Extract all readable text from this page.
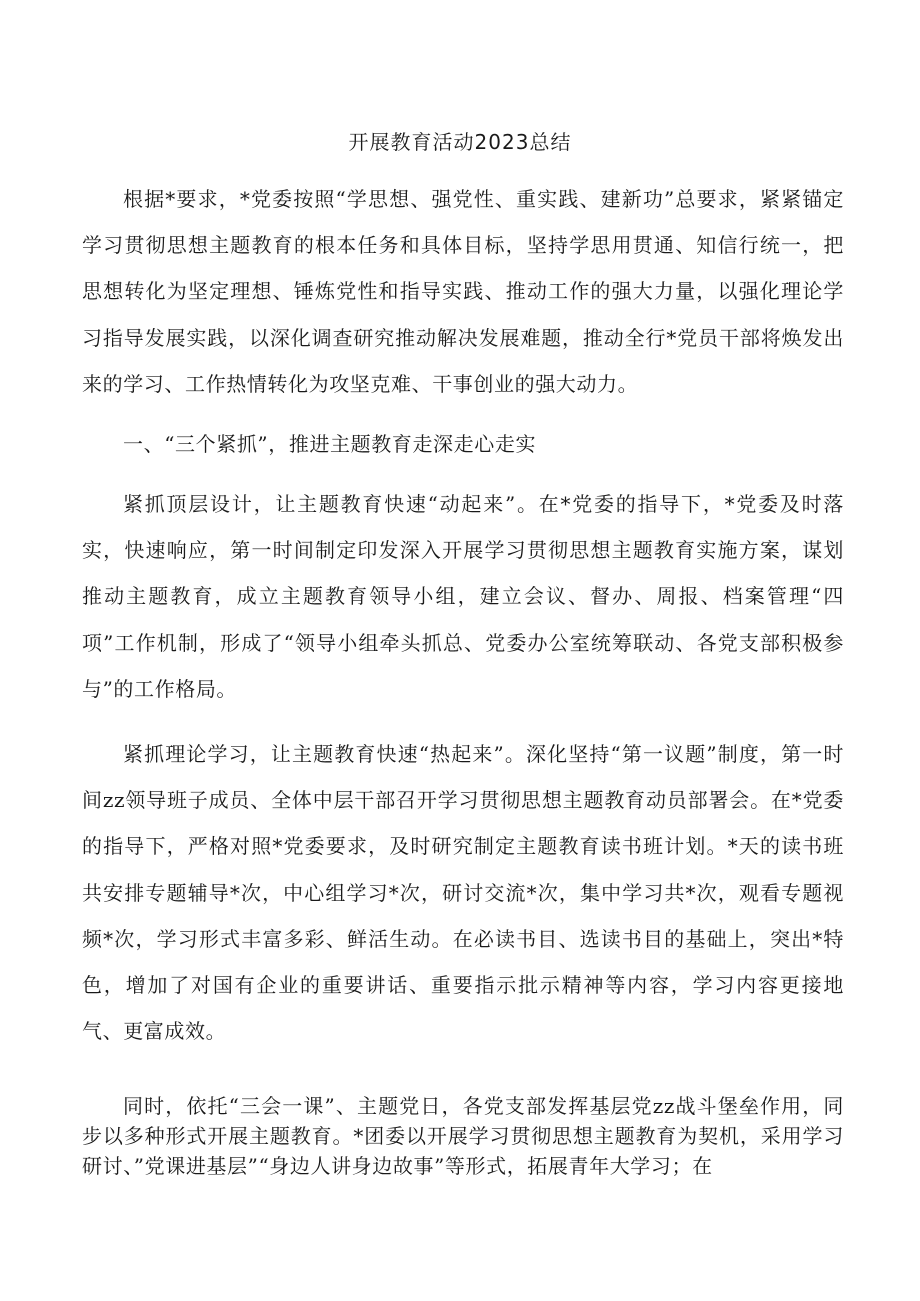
开展教育活动2023总结

根据*要求，*党委按照“学思想、强党性、重实践、建新功”总要求，紧紧锚定学习贯彻思想主题教育的根本任务和具体目标，坚持学思用贯通、知信行统一，把思想转化为坚定理想、锤炼党性和指导实践、推动工作的强大力量，以强化理论学习指导发展实践，以深化调查研究推动解决发展难题，推动全行*党员干部将焕发出来的学习、工作热情转化为攻坚克难、干事创业的强大动力。

一、“三个紧抓”，推进主题教育走深走心走实

紧抓顶层设计，让主题教育快速“动起来”。在*党委的指导下，*党委及时落实，快速响应，第一时间制定印发深入开展学习贯彻思想主题教育实施方案，谋划推动主题教育，成立主题教育领导小组，建立会议、督办、周报、档案管理“四项”工作机制，形成了“领导小组牵头抓总、党委办公室统筹联动、各党支部积极参与”的工作格局。

紧抓理论学习，让主题教育快速“热起来”。深化坚持“第一议题”制度，第一时间zz领导班子成员、全体中层干部召开学习贯彻思想主题教育动员部署会。在*党委的指导下，严格对照*党委要求，及时研究制定主题教育读书班计划。*天的读书班共安排专题辅导*次，中心组学习*次，研讨交流*次，集中学习共*次，观看专题视频*次，学习形式丰富多彩、鲜活生动。在必读书目、选读书目的基础上，突出*特色，增加了对国有企业的重要讲话、重要指示批示精神等内容，学习内容更接地气、更富成效。

同时，依托“三会一课”、主题党日，各党支部发挥基层党zz战斗堡垒作用，同步以多种形式开展主题教育。*团委以开展学习贯彻思想主题教育为契机，采用学习研讨、”党课进基层”“身边人讲身边故事”等形式，拓展青年大学习；在
